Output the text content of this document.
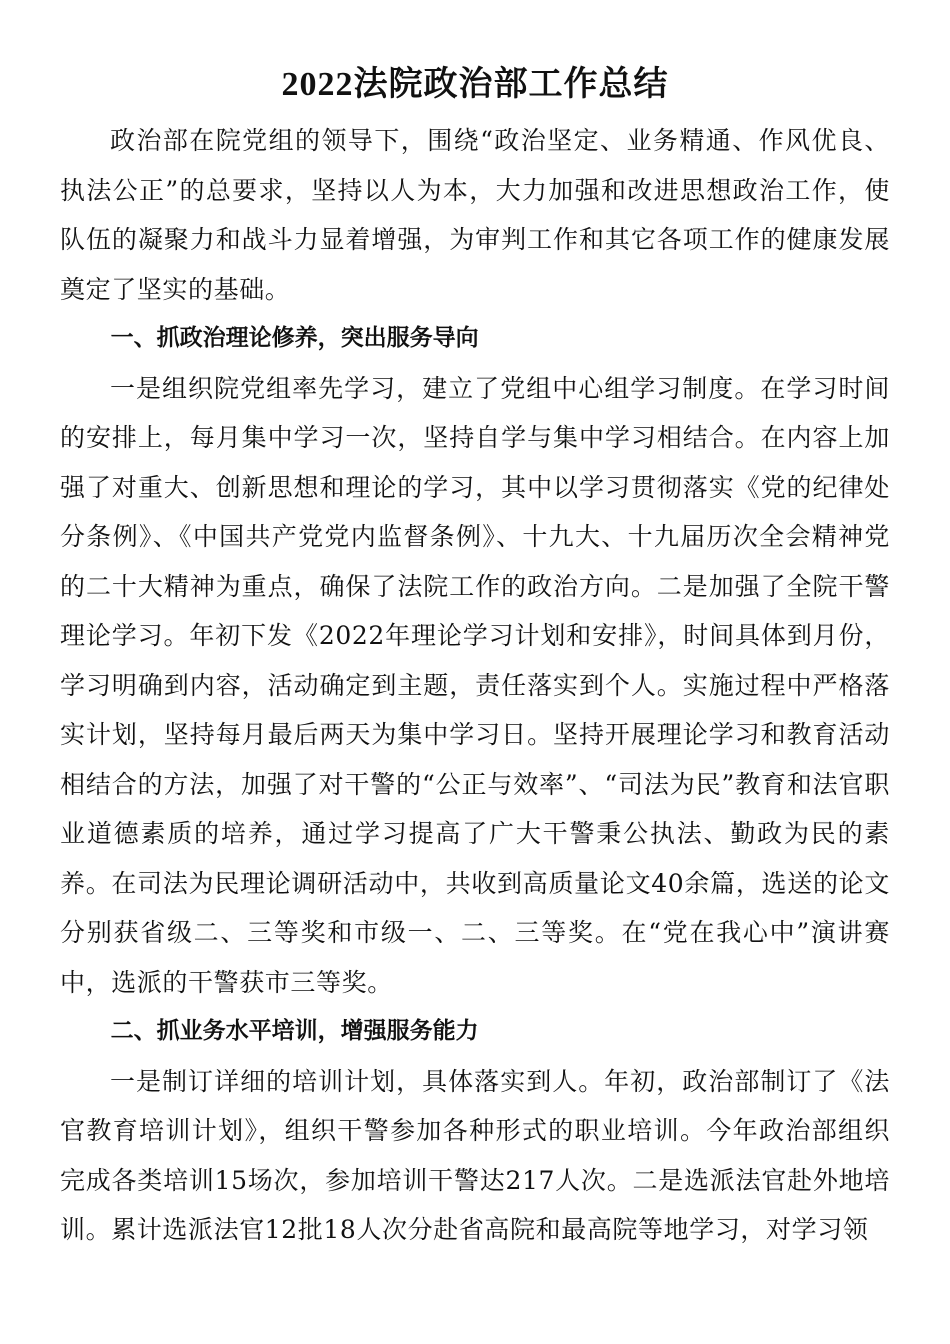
2022法院政治部工作总结

政治部在院党组的领导下，围绕“政治坚定、业务精通、作风优良、执法公正”的总要求，坚持以人为本，大力加强和改进思想政治工作，使队伍的凝聚力和战斗力显着增强，为审判工作和其它各项工作的健康发展奠定了坚实的基础。

一、抓政治理论修养，突出服务导向

一是组织院党组率先学习，建立了党组中心组学习制度。在学习时间的安排上，每月集中学习一次，坚持自学与集中学习相结合。在内容上加强了对重大、创新思想和理论的学习，其中以学习贯彻落实《党的纪律处分条例》、《中国共产党党内监督条例》、十九大、十九届历次全会精神党的二十大精神为重点，确保了法院工作的政治方向。二是加强了全院干警理论学习。年初下发《2022年理论学习计划和安排》，时间具体到月份，学习明确到内容，活动确定到主题，责任落实到个人。实施过程中严格落实计划，坚持每月最后两天为集中学习日。坚持开展理论学习和教育活动相结合的方法，加强了对干警的“公正与效率”、“司法为民”教育和法官职业道德素质的培养，通过学习提高了广大干警秉公执法、勤政为民的素养。在司法为民理论调研活动中，共收到高质量论文40余篇，选送的论文分别获省级二、三等奖和市级一、二、三等奖。在“党在我心中”演讲赛中，选派的干警获市三等奖。

二、抓业务水平培训，增强服务能力

一是制订详细的培训计划，具体落实到人。年初，政治部制订了《法官教育培训计划》，组织干警参加各种形式的职业培训。今年政治部组织完成各类培训15场次，参加培训干警达217人次。二是选派法官赴外地培训。累计选派法官12批18人次分赴省高院和最高院等地学习，对学习领
